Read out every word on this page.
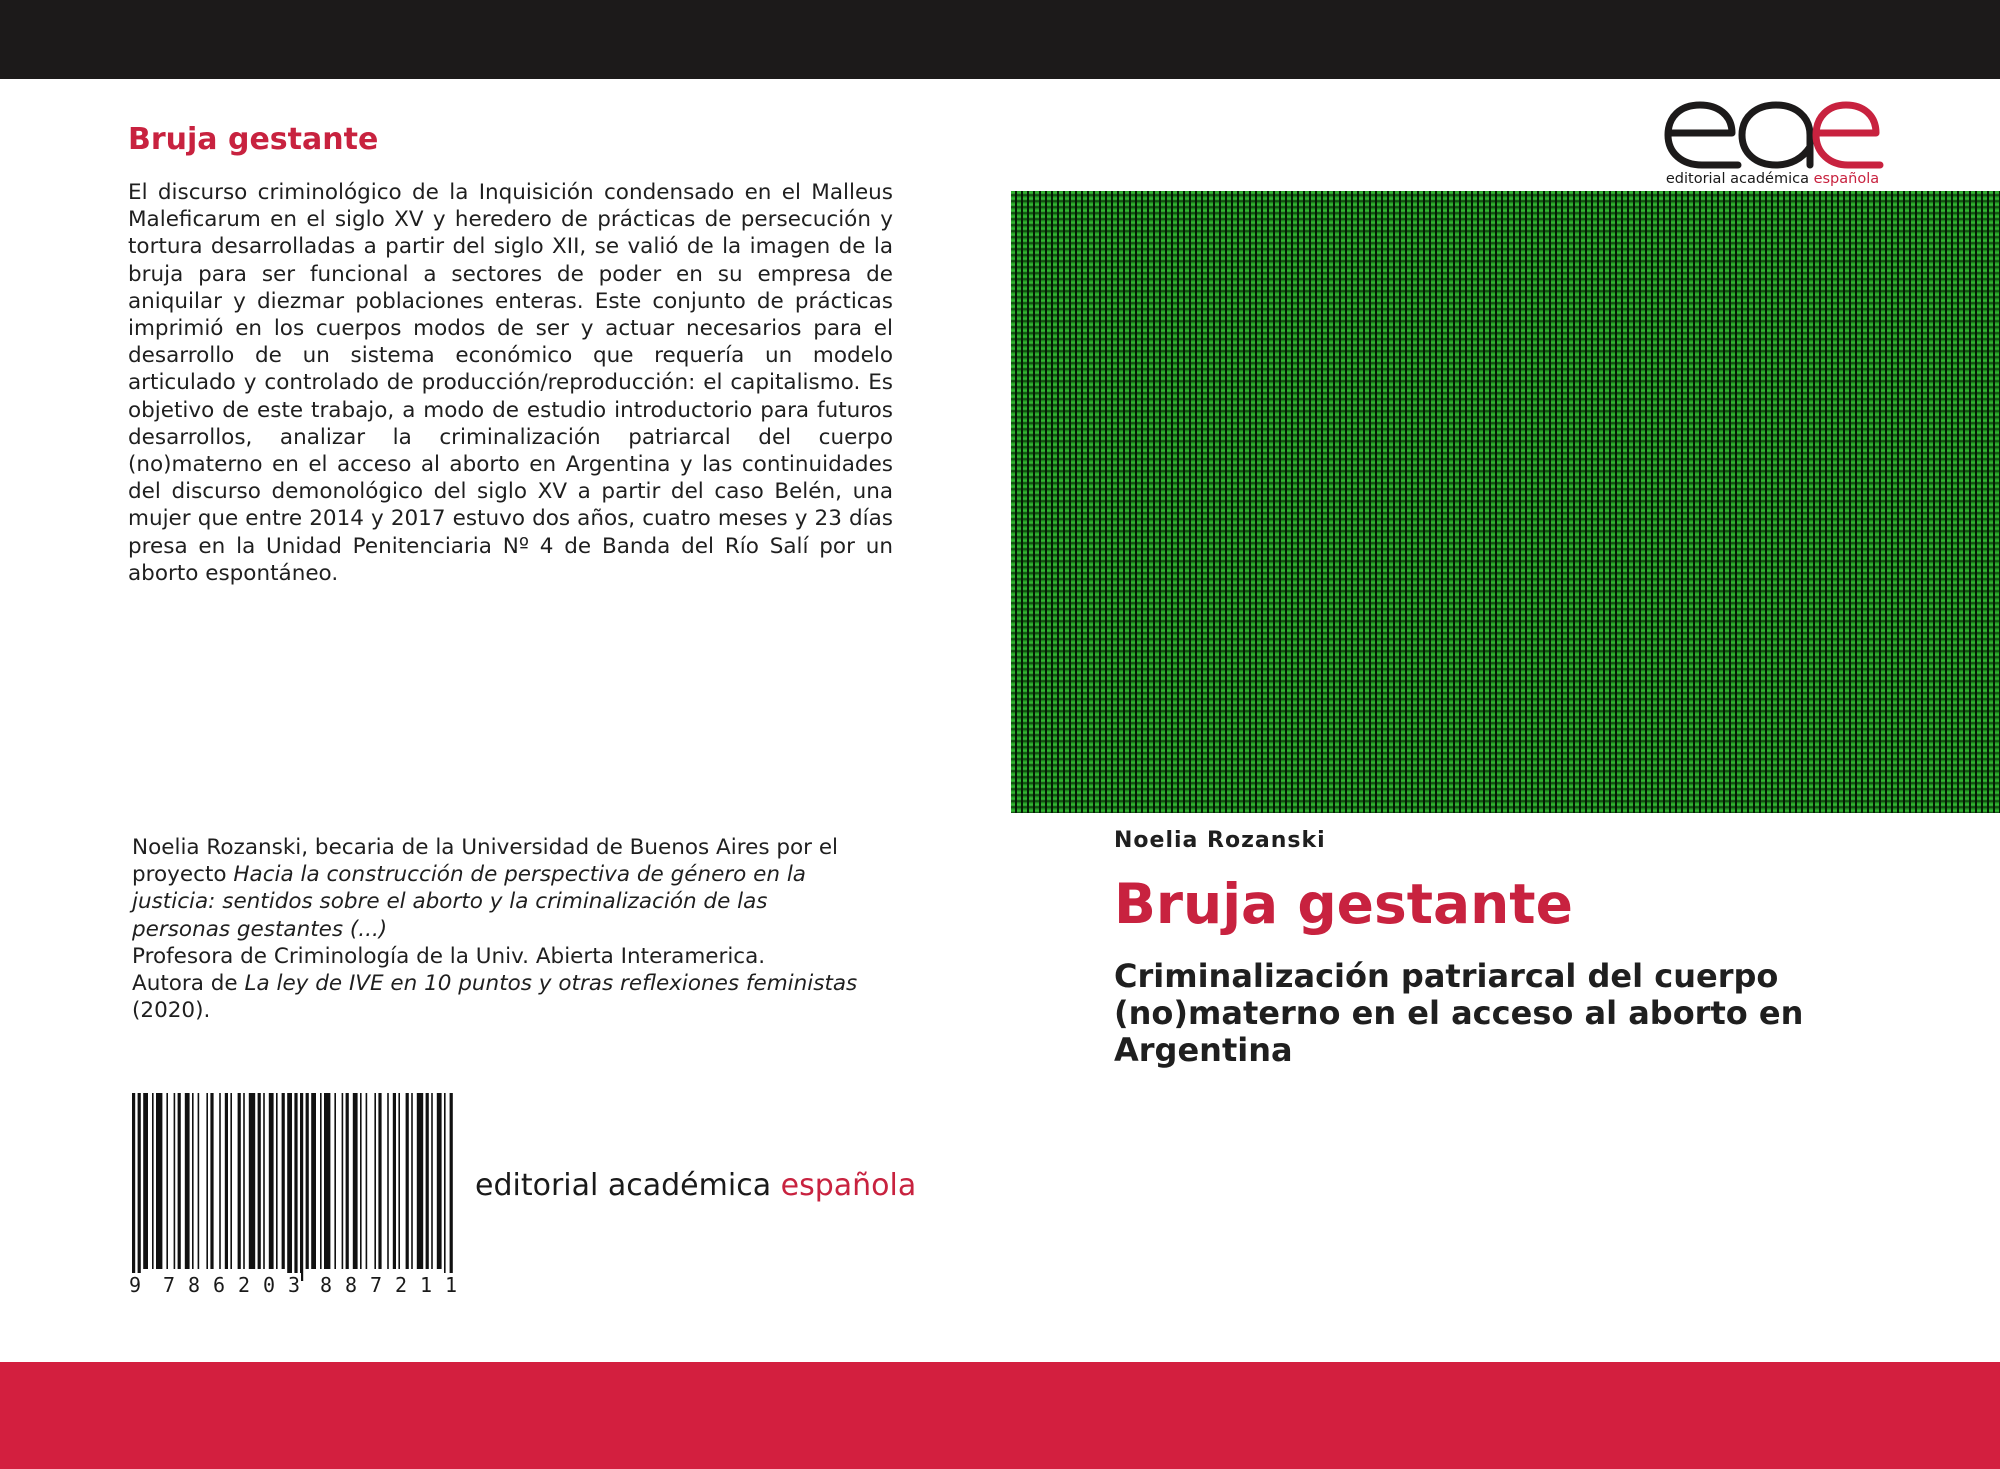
Bruja gestante

El discurso criminológico de la Inquisición condensado en el Malleus Maleficarum en el siglo XV y heredero de prácticas de persecución y tortura desarrolladas a partir del siglo XII, se valió de la imagen de la bruja para ser funcional a sectores de poder en su empresa de aniquilar y diezmar poblaciones enteras. Este conjunto de prácticas imprimió en los cuerpos modos de ser y actuar necesarios para el desarrollo de un sistema económico que requería un modelo articulado y controlado de producción/reproducción: el capitalismo. Es objetivo de este trabajo, a modo de estudio introductorio para futuros desarrollos, analizar la criminalización patriarcal del cuerpo (no)materno en el acceso al aborto en Argentina y las continuidades del discurso demonológico del siglo XV a partir del caso Belén, una mujer que entre 2014 y 2017 estuvo dos años, cuatro meses y 23 días presa en la Unidad Penitenciaria Nº 4 de Banda del Río Salí por un aborto espontáneo.

Noelia Rozanski, becaria de la Universidad de Buenos Aires por el proyecto Hacia la construcción de perspectiva de género en la justicia: sentidos sobre el aborto y la criminalización de las personas gestantes (...)

Profesora de Criminología de la Univ. Abierta Interamerica.

Autora de La ley de IVE en 10 puntos y otras reflexiones feministas (2020).

9 7 8 6 2 0 3 8 8 7 2 1 1
editorial académica española
editorial académica española
Noelia Rozanski
Bruja gestante

Criminalización patriarcal del cuerpo (no)materno en el acceso al aborto en Argentina
